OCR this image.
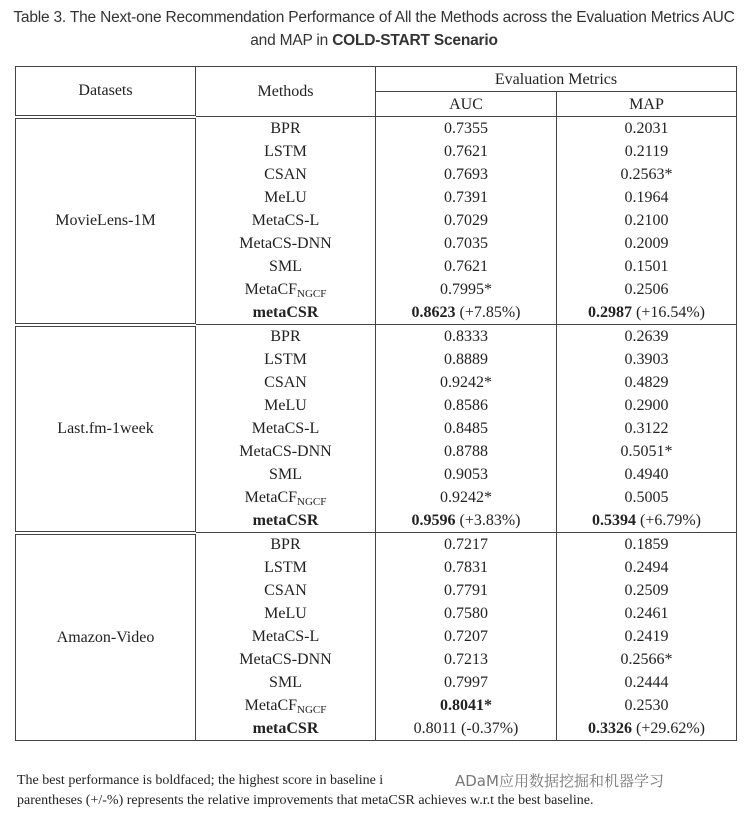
Table 3. The Next-one Recommendation Performance of All the Methods across the Evaluation Metrics AUC and MAP in COLD-START Scenario
Datasets	Methods	Evaluation Metrics	
		AUC	MAP
MovieLens-1M	BPR	0.7355	0.2031
	LSTM	0.7621	0.2119
	CSAN	0.7693	0.2563*
	MeLU	0.7391	0.1964
	MetaCS-L	0.7029	0.2100
	MetaCS-DNN	0.7035	0.2009
	SML	0.7621	0.1501
	MetaCF$_{NGCF}$	0.7995*	0.2506
	metaCSR	0.8623 (+7.85%)	0.2987 (+16.54%)
Last.fm-1week	BPR	0.8333	0.2639
	LSTM	0.8889	0.3903
	CSAN	0.9242*	0.4829
	MeLU	0.8586	0.2900
	MetaCS-L	0.8485	0.3122
	MetaCS-DNN	0.8788	0.5051*
	SML	0.9053	0.4940
	MetaCF$_{NGCF}$	0.9242*	0.5005
	metaCSR	0.9596 (+3.83%)	0.5394 (+6.79%)
Amazon-Video	BPR	0.7217	0.1859
	LSTM	0.7831	0.2494
	CSAN	0.7791	0.2509
	MeLU	0.7580	0.2461
	MetaCS-L	0.7207	0.2419
	MetaCS-DNN	0.7213	0.2566*
	SML	0.7997	0.2444
	MetaCF$_{NGCF}$	0.8041*	0.2530
	metaCSR	0.8011 (-0.37%)	0.3326 (+29.62%)
The best performance is boldfaced; the highest score in baseline i
parentheses (+/-%) represents the relative improvements that metaCSR achieves w.r.t the best baseline.
ADaM应用数据挖掘和机器学习
